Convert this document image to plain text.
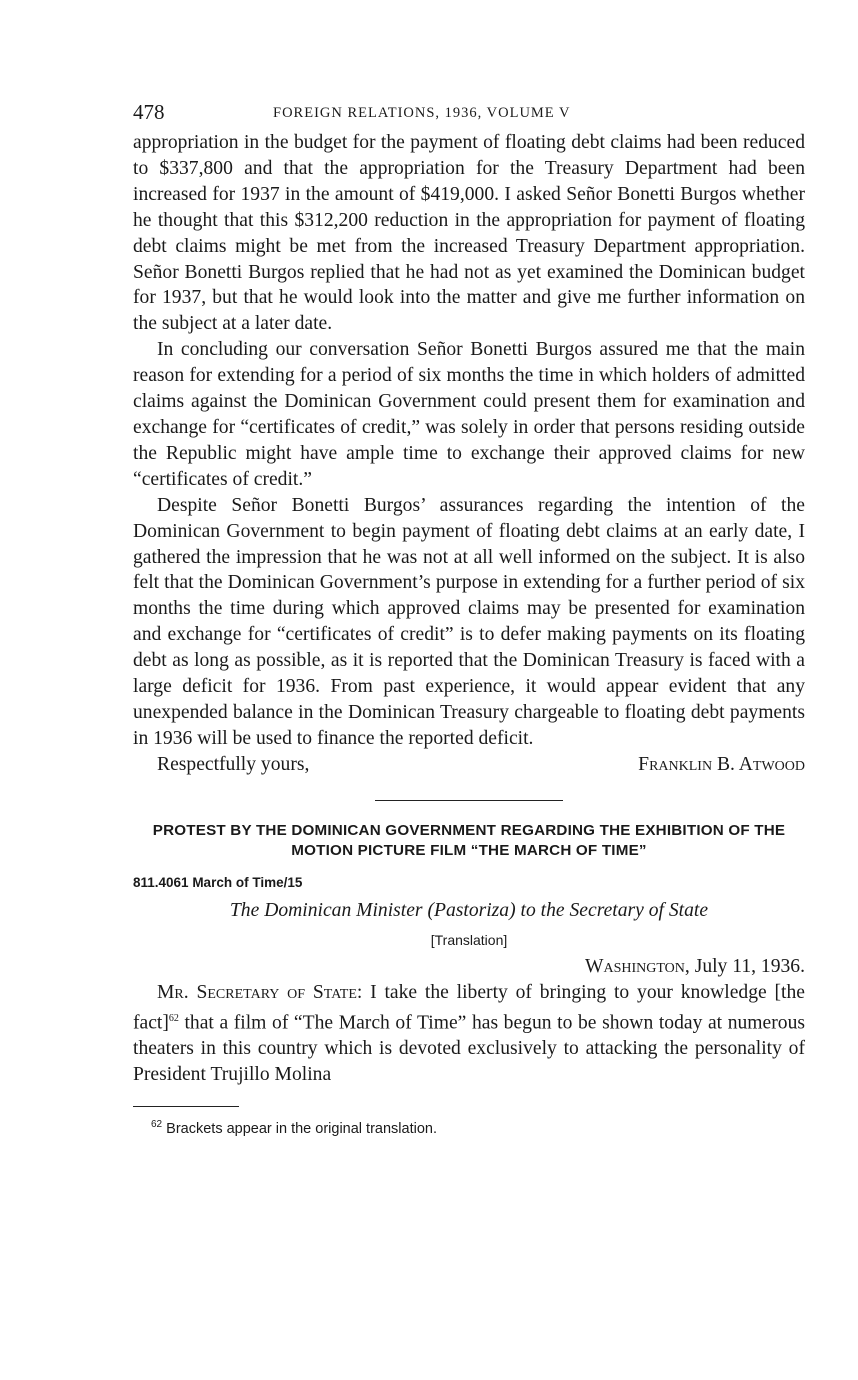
478	FOREIGN RELATIONS, 1936, VOLUME V

appropriation in the budget for the payment of floating debt claims had been reduced to $337,800 and that the appropriation for the Treasury Department had been increased for 1937 in the amount of $419,000. I asked Señor Bonetti Burgos whether he thought that this $312,200 reduction in the appropriation for payment of floating debt claims might be met from the increased Treasury Department appropriation. Señor Bonetti Burgos replied that he had not as yet examined the Dominican budget for 1937, but that he would look into the matter and give me further information on the subject at a later date.

In concluding our conversation Señor Bonetti Burgos assured me that the main reason for extending for a period of six months the time in which holders of admitted claims against the Dominican Government could present them for examination and exchange for “certificates of credit,” was solely in order that persons residing outside the Republic might have ample time to exchange their approved claims for new “certificates of credit.”

Despite Señor Bonetti Burgos’ assurances regarding the intention of the Dominican Government to begin payment of floating debt claims at an early date, I gathered the impression that he was not at all well informed on the subject. It is also felt that the Dominican Government’s purpose in extending for a further period of six months the time during which approved claims may be presented for examination and exchange for “certificates of credit” is to defer making payments on its floating debt as long as possible, as it is reported that the Dominican Treasury is faced with a large deficit for 1936. From past experience, it would appear evident that any unexpended balance in the Dominican Treasury chargeable to floating debt payments in 1936 will be used to finance the reported deficit.

Respectfully yours,	Franklin B. Atwood
PROTEST BY THE DOMINICAN GOVERNMENT REGARDING THE EXHIBITION OF THE MOTION PICTURE FILM “THE MARCH OF TIME”
811.4061 March of Time/15
The Dominican Minister (Pastoriza) to the Secretary of State
[Translation]
Washington, July 11, 1936.

Mr. Secretary of State: I take the liberty of bringing to your knowledge [the fact]$^{62}$ that a film of “The March of Time” has begun to be shown today at numerous theaters in this country which is devoted exclusively to attacking the personality of President Trujillo Molina

$^{62}$ Brackets appear in the original translation.
